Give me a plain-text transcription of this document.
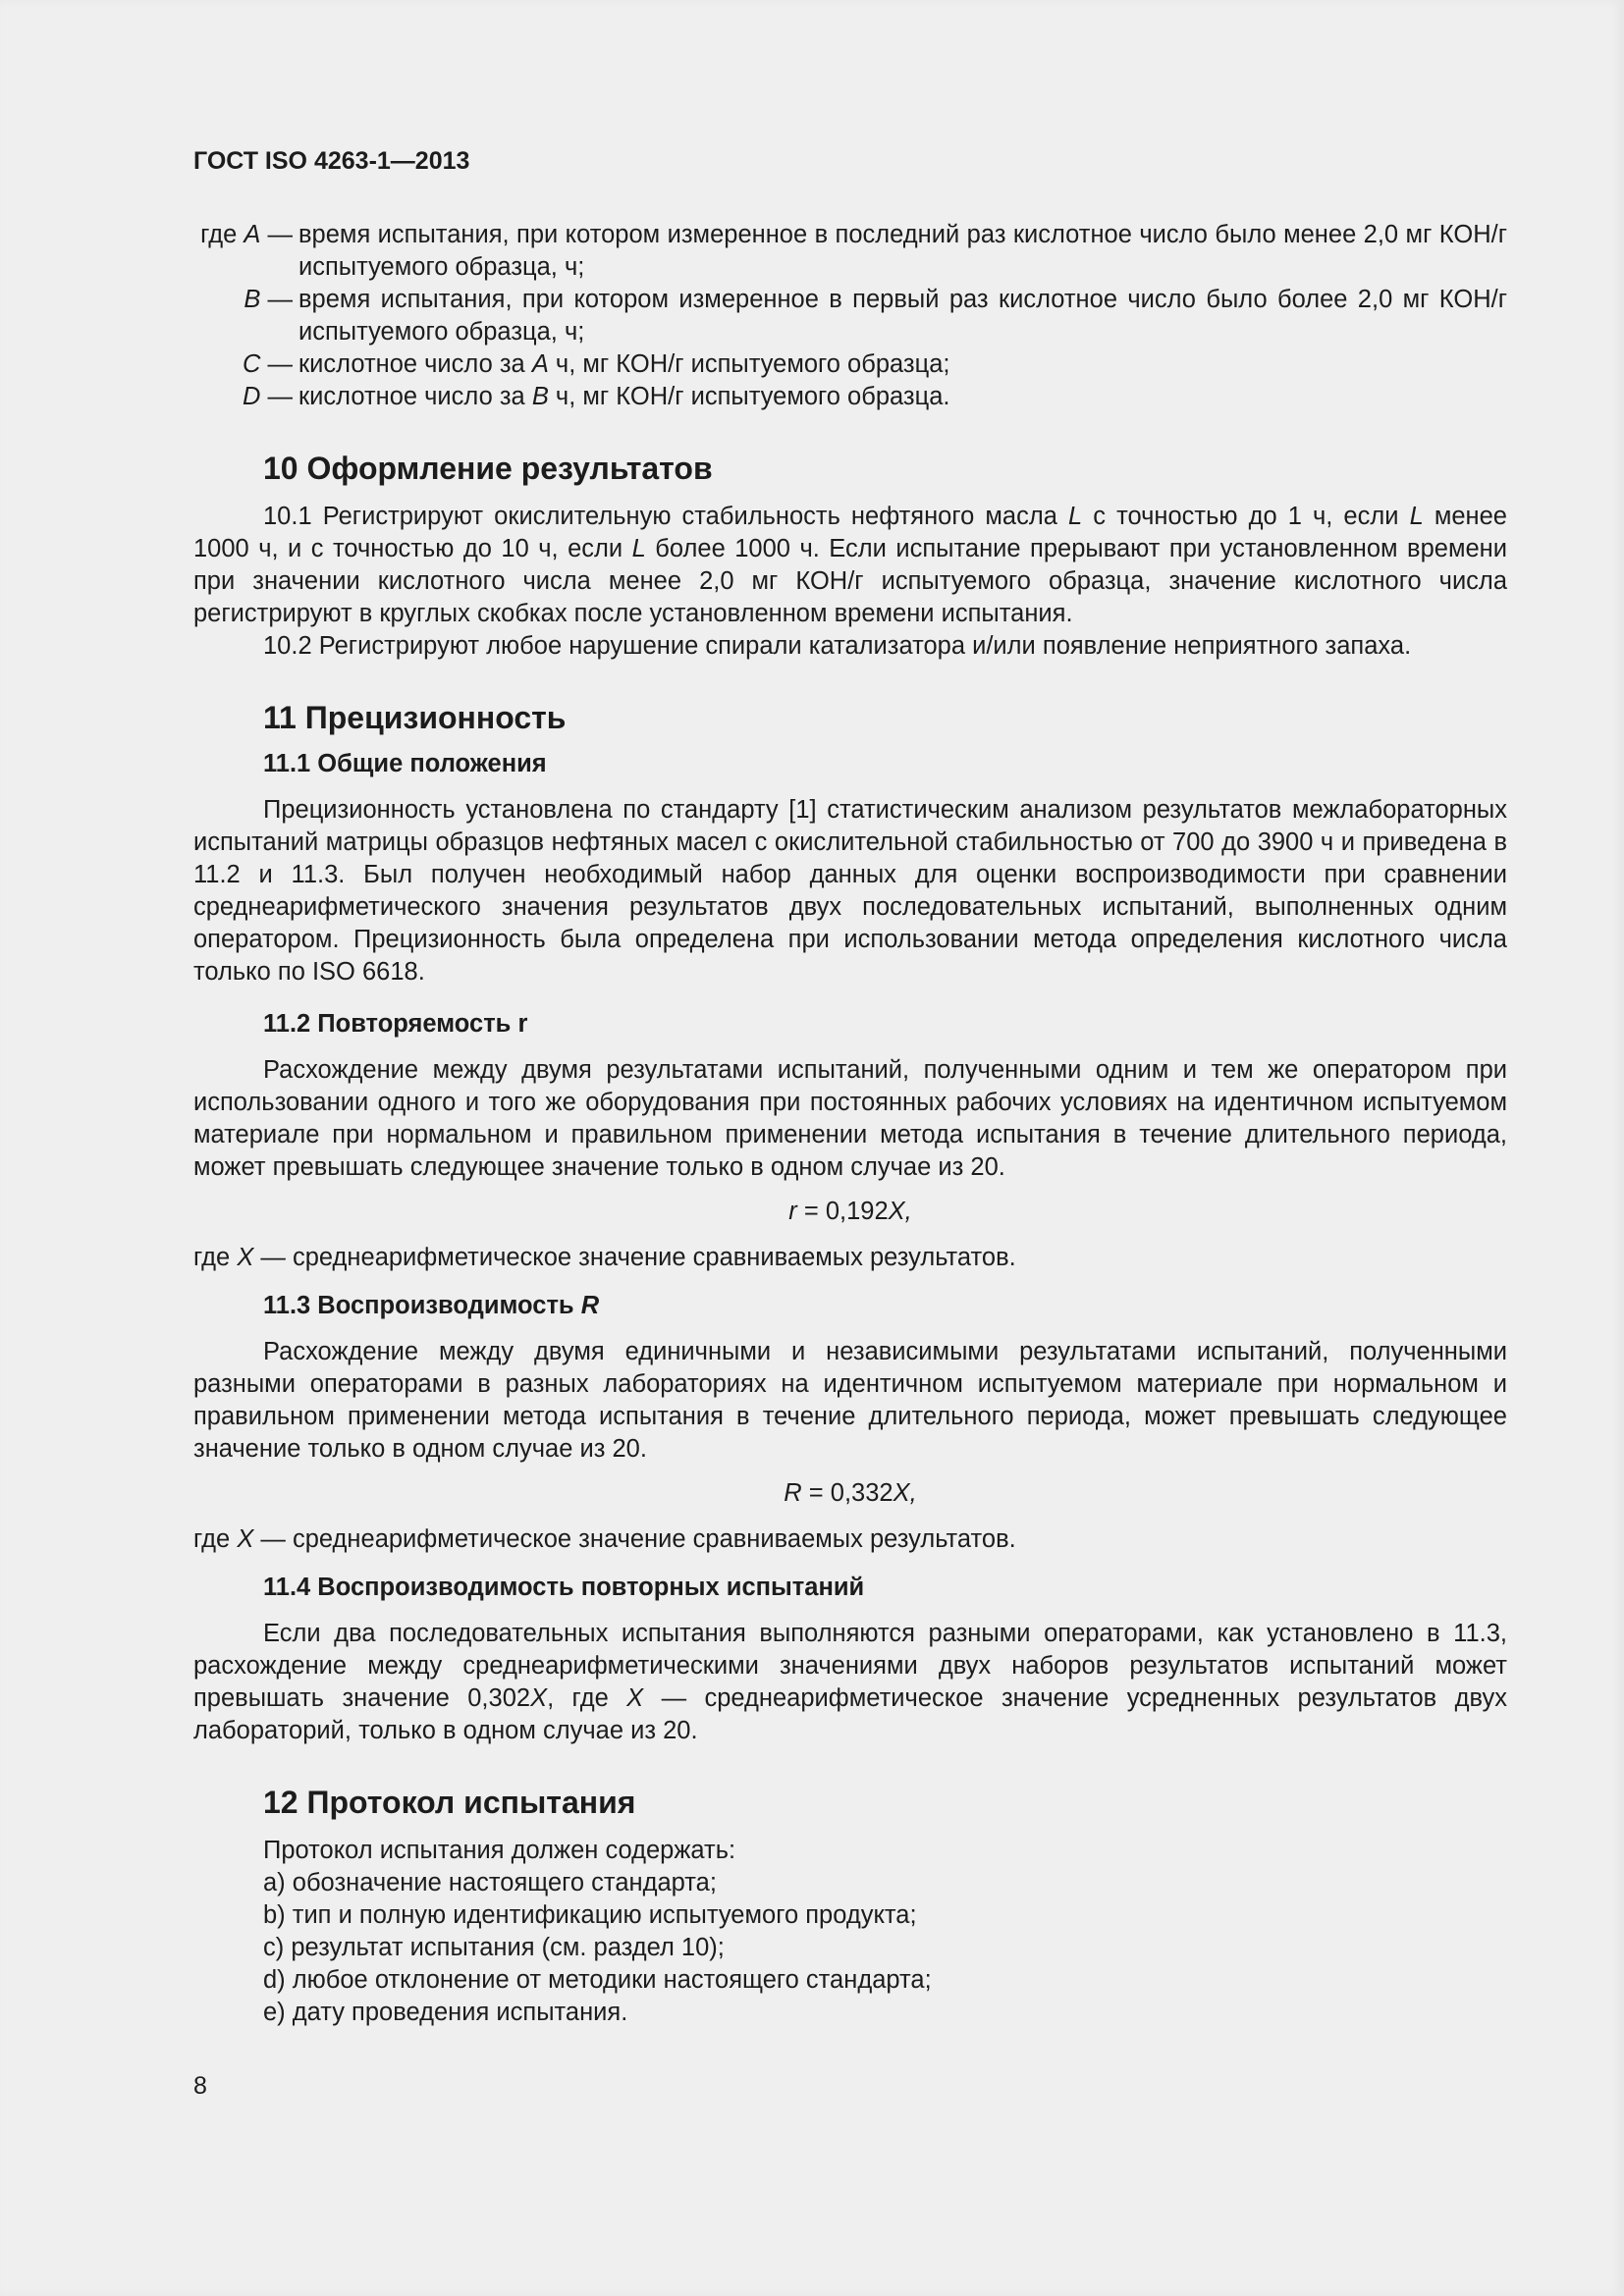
ГОСТ ISO 4263-1—2013
где A — время испытания, при котором измеренное в последний раз кислотное число было менее 2,0 мг КОН/г испытуемого образца, ч;
B — время испытания, при котором измеренное в первый раз кислотное число было более 2,0 мг КОН/г испытуемого образца, ч;
C — кислотное число за A ч, мг КОН/г испытуемого образца;
D — кислотное число за B ч, мг КОН/г испытуемого образца.
10 Оформление результатов

10.1 Регистрируют окислительную стабильность нефтяного масла L с точностью до 1 ч, если L менее 1000 ч, и с точностью до 10 ч, если L более 1000 ч. Если испытание прерывают при установленном времени при значении кислотного числа менее 2,0 мг КОН/г испытуемого образца, значение кислотного числа регистрируют в круглых скобках после установленном времени испытания.

10.2 Регистрируют любое нарушение спирали катализатора и/или появление неприятного запаха.

11 Прецизионность
11.1 Общие положения

Прецизионность установлена по стандарту [1] статистическим анализом результатов межлабораторных испытаний матрицы образцов нефтяных масел с окислительной стабильностью от 700 до 3900 ч и приведена в 11.2 и 11.3. Был получен необходимый набор данных для оценки воспроизводимости при сравнении среднеарифметического значения результатов двух последовательных испытаний, выполненных одним оператором. Прецизионность была определена при использовании метода определения кислотного числа только по ISO 6618.

11.2 Повторяемость r

Расхождение между двумя результатами испытаний, полученными одним и тем же оператором при использовании одного и того же оборудования при постоянных рабочих условиях на идентичном испытуемом материале при нормальном и правильном применении метода испытания в течение длительного периода, может превышать следующее значение только в одном случае из 20.

r = 0,192X,

где X — среднеарифметическое значение сравниваемых результатов.

11.3 Воспроизводимость R

Расхождение между двумя единичными и независимыми результатами испытаний, полученными разными операторами в разных лабораториях на идентичном испытуемом материале при нормальном и правильном применении метода испытания в течение длительного периода, может превышать следующее значение только в одном случае из 20.

R = 0,332X,

где X — среднеарифметическое значение сравниваемых результатов.

11.4 Воспроизводимость повторных испытаний

Если два последовательных испытания выполняются разными операторами, как установлено в 11.3, расхождение между среднеарифметическими значениями двух наборов результатов испытаний может превышать значение 0,302X, где X — среднеарифметическое значение усредненных результатов двух лабораторий, только в одном случае из 20.

12 Протокол испытания

Протокол испытания должен содержать:

a) обозначение настоящего стандарта;

b) тип и полную идентификацию испытуемого продукта;

c) результат испытания (см. раздел 10);

d) любое отклонение от методики настоящего стандарта;

e) дату проведения испытания.

8
